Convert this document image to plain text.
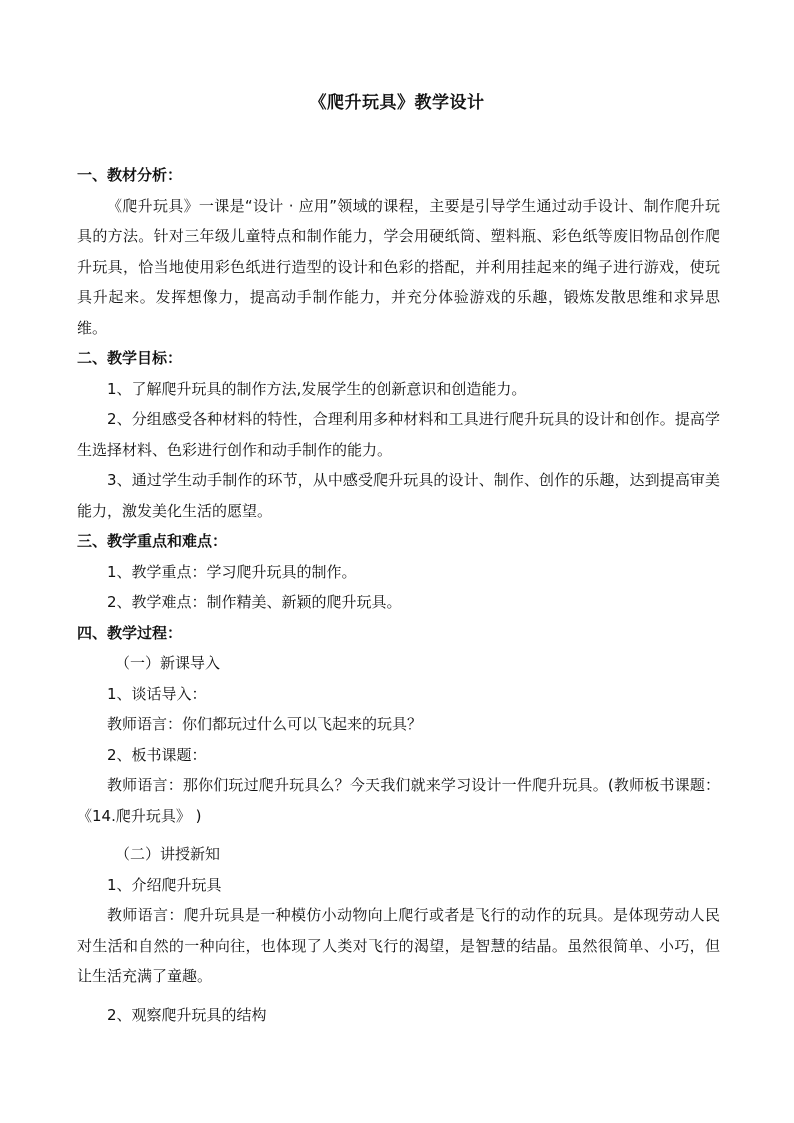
《爬升玩具》教学设计

一、教材分析：

《爬升玩具》一课是“设计 · 应用”领域的课程，主要是引导学生通过动手设计、制作爬升玩具的方法。针对三年级儿童特点和制作能力，学会用硬纸筒、塑料瓶、彩色纸等废旧物品创作爬升玩具，恰当地使用彩色纸进行造型的设计和色彩的搭配，并利用挂起来的绳子进行游戏，使玩具升起来。发挥想像力，提高动手制作能力，并充分体验游戏的乐趣，锻炼发散思维和求异思维。

二、教学目标：

1、了解爬升玩具的制作方法,发展学生的创新意识和创造能力。

2、分组感受各种材料的特性，合理利用多种材料和工具进行爬升玩具的设计和创作。提高学生选择材料、色彩进行创作和动手制作的能力。

3、通过学生动手制作的环节，从中感受爬升玩具的设计、制作、创作的乐趣，达到提高审美能力，激发美化生活的愿望。

三、教学重点和难点：

1、教学重点：学习爬升玩具的制作。

2、教学难点：制作精美、新颖的爬升玩具。

四、教学过程：

（一）新课导入

1、谈话导入：

教师语言：你们都玩过什么可以飞起来的玩具？

2、板书课题：

教师语言：那你们玩过爬升玩具么？今天我们就来学习设计一件爬升玩具。(教师板书课题：《14.爬升玩具》 )

（二）讲授新知

1、介绍爬升玩具

教师语言：爬升玩具是一种模仿小动物向上爬行或者是飞行的动作的玩具。是体现劳动人民对生活和自然的一种向往，也体现了人类对飞行的渴望，是智慧的结晶。虽然很简单、小巧，但让生活充满了童趣。

2、观察爬升玩具的结构
